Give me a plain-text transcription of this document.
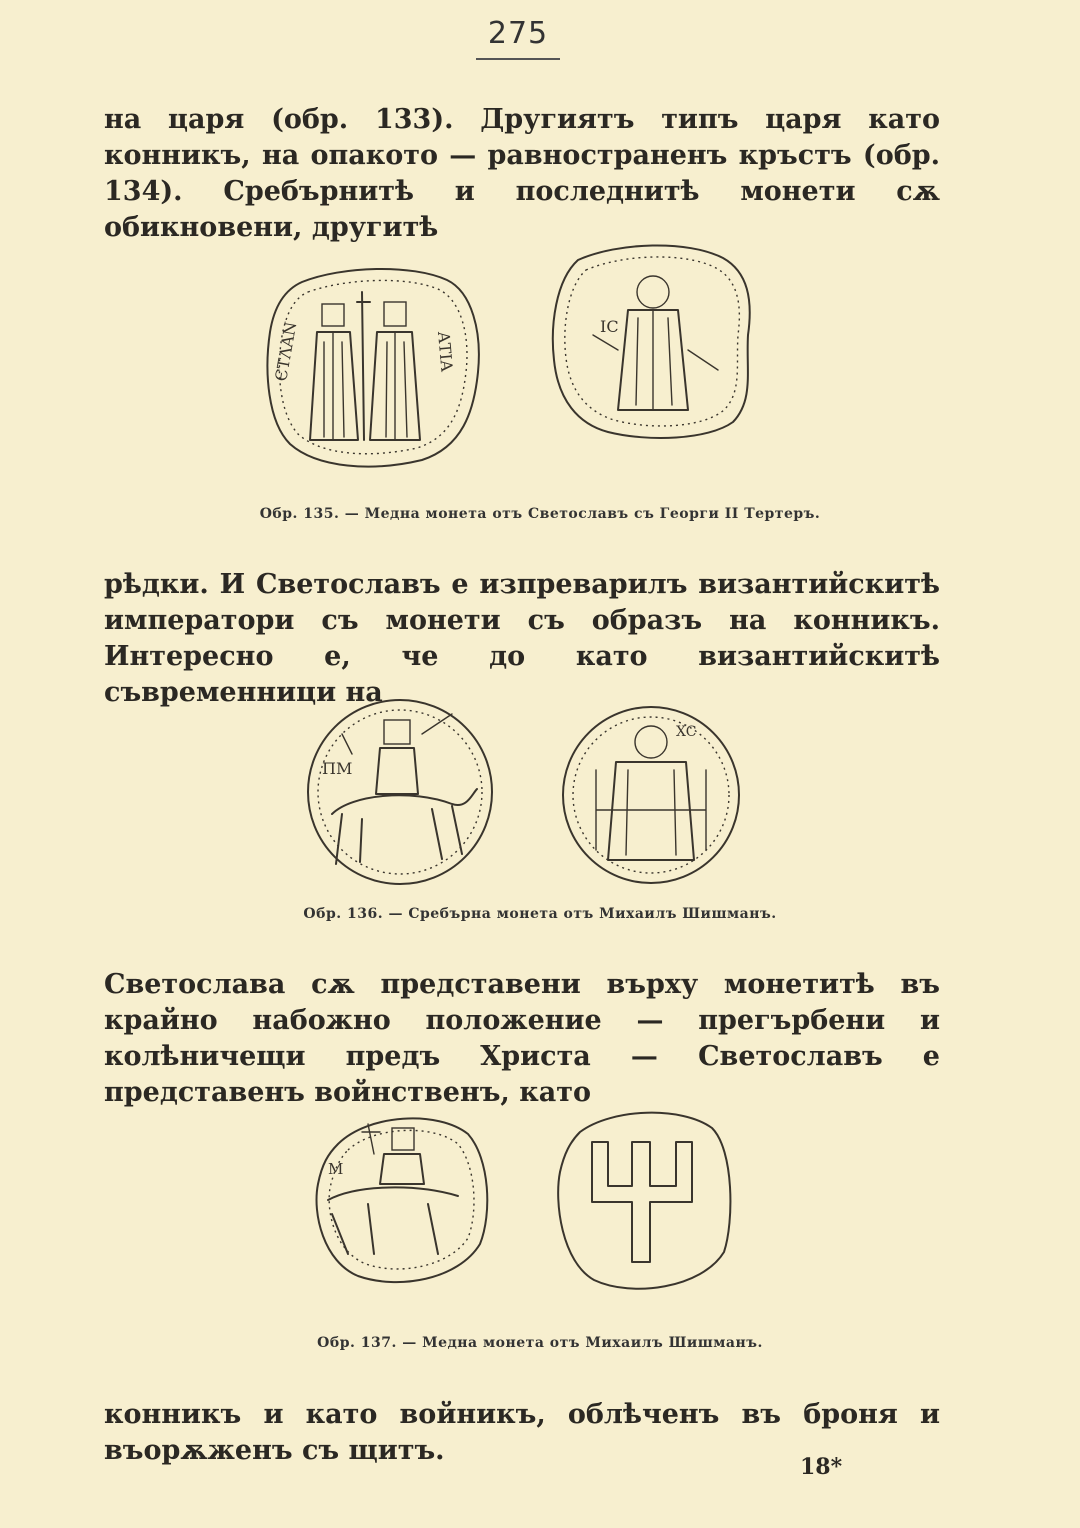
275
на царя (обр. 133). Другиятъ типъ царя като конникъ, на опакото — равностраненъ кръстъ (обр. 134). Сребърнитѣ и последнитѣ монети сѫ обикновени, другитѣ
ЄΤΛΑΝ	ΑΤΙΑ
IC
Обр. 135. — Медна монета отъ Светославъ съ Георги II Тертеръ.
рѣдки. И Светославъ е изпреварилъ византийскитѣ императори съ монети съ образъ на конникъ. Интересно е, че до като византийскитѣ съвременници на
ΠΜ
XC
Обр. 136. — Сребърна монета отъ Михаилъ Шишманъ.
Светослава сѫ представени върху монетитѣ въ крайно набожно положение — прегърбени и колѣничещи предъ Христа — Светославъ е представенъ войнственъ, като
M
Обр. 137. — Медна монета отъ Михаилъ Шишманъ.
конникъ и като войникъ, облѣченъ въ броня и въорѫженъ съ щитъ.
18*
